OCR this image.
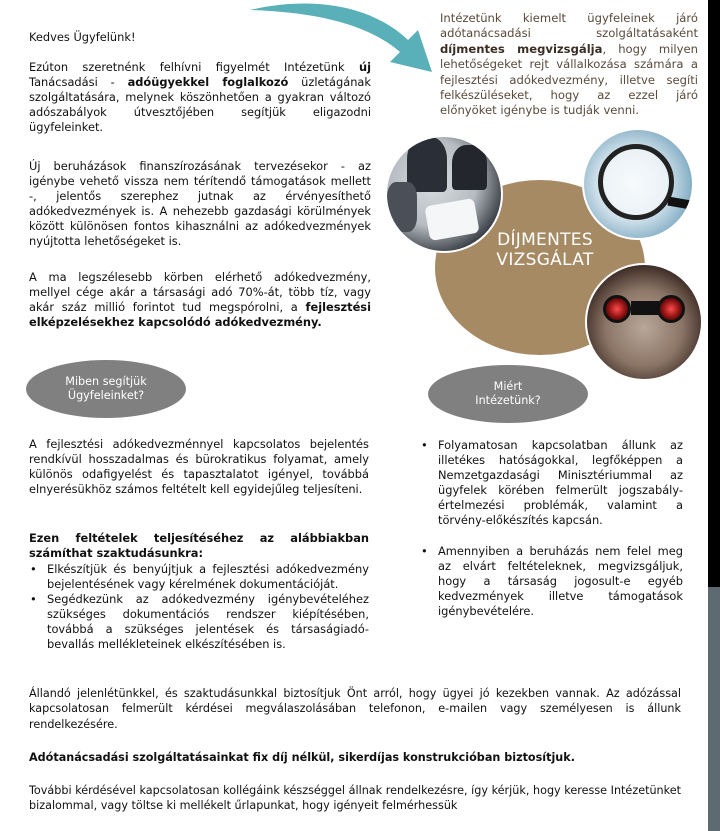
Kedves Ügyfelünk!
Ezúton szeretnénk felhívni figyelmét Intézetünk új Tanácsadási - adóügyekkel foglalkozó üzletágának szolgáltatására, melynek köszönhetően a gyakran változó adószabályok útvesztőjében segítjük eligazodni ügyfeleinket.
Új beruházások finanszírozásának tervezésekor - az igénybe vehető vissza nem térítendő támogatások mellett -, jelentős szerephez jutnak az érvényesíthető adókedvezmények is. A nehezebb gazdasági körülmények között különösen fontos kihasználni az adókedvezmények nyújtotta lehetőségeket is.
A ma legszélesebb körben elérhető adókedvezmény, mellyel cége akár a társasági adó 70%-át, több tíz, vagy akár száz millió forintot tud megspórolni, a fejlesztési elképzelésekhez kapcsolódó adókedvezmény.
Intézetünk kiemelt ügyfeleinek járó adótanácsadási szolgáltatásaként díjmentes megvizsgálja, hogy milyen lehetőségeket rejt vállalkozása számára a fejlesztési adókedvezmény, illetve segíti felkészüléseket, hogy az ezzel járó előnyöket igénybe is tudják venni.
DÍJMENTES
VIZSGÁLAT
Miben segítjük
Ügyfeleinket?
Miért
Intézetünk?
A fejlesztési adókedvezménnyel kapcsolatos bejelentés rendkívül hosszadalmas és bürokratikus folyamat, amely különös odafigyelést és tapasztalatot igényel, továbbá elnyerésükhöz számos feltételt kell egyidejűleg teljesíteni.
Ezen feltételek teljesítéséhez az alábbiakban számíthat szaktudásunkra:
• Elkészítjük és benyújtjuk a fejlesztési adókedvezmény bejelentésének vagy kérelmének dokumentációját.
• Segédkezünk az adókedvezmény igénybevételéhez szükséges dokumentációs rendszer kiépítésében, továbbá a szükséges jelentések és társaságiadó-bevallás mellékleteinek elkészítésében is.
• Folyamatosan kapcsolatban állunk az illetékes hatóságokkal, legfőképpen a Nemzetgazdasági Minisztériummal az ügyfelek körében felmerült jogszabály-értelmezési problémák, valamint a törvény-előkészítés kapcsán.
• Amennyiben a beruházás nem felel meg az elvárt feltételeknek, megvizsgáljuk, hogy a társaság jogosult-e egyéb kedvezmények illetve támogatások igénybevételére.
Állandó jelenlétünkkel, és szaktudásunkkal biztosítjuk Önt arról, hogy ügyei jó kezekben vannak. Az adózással kapcsolatosan felmerült kérdései megválaszolásában telefonon, e-mailen vagy személyesen is állunk rendelkezésére.
Adótanácsadási szolgáltatásainkat fix díj nélkül, sikerdíjas konstrukcióban biztosítjuk.
További kérdésével kapcsolatosan kollégáink készséggel állnak rendelkezésre, így kérjük, hogy keresse Intézetünket bizalommal, vagy töltse ki mellékelt űrlapunkat, hogy igényeit felmérhessük
